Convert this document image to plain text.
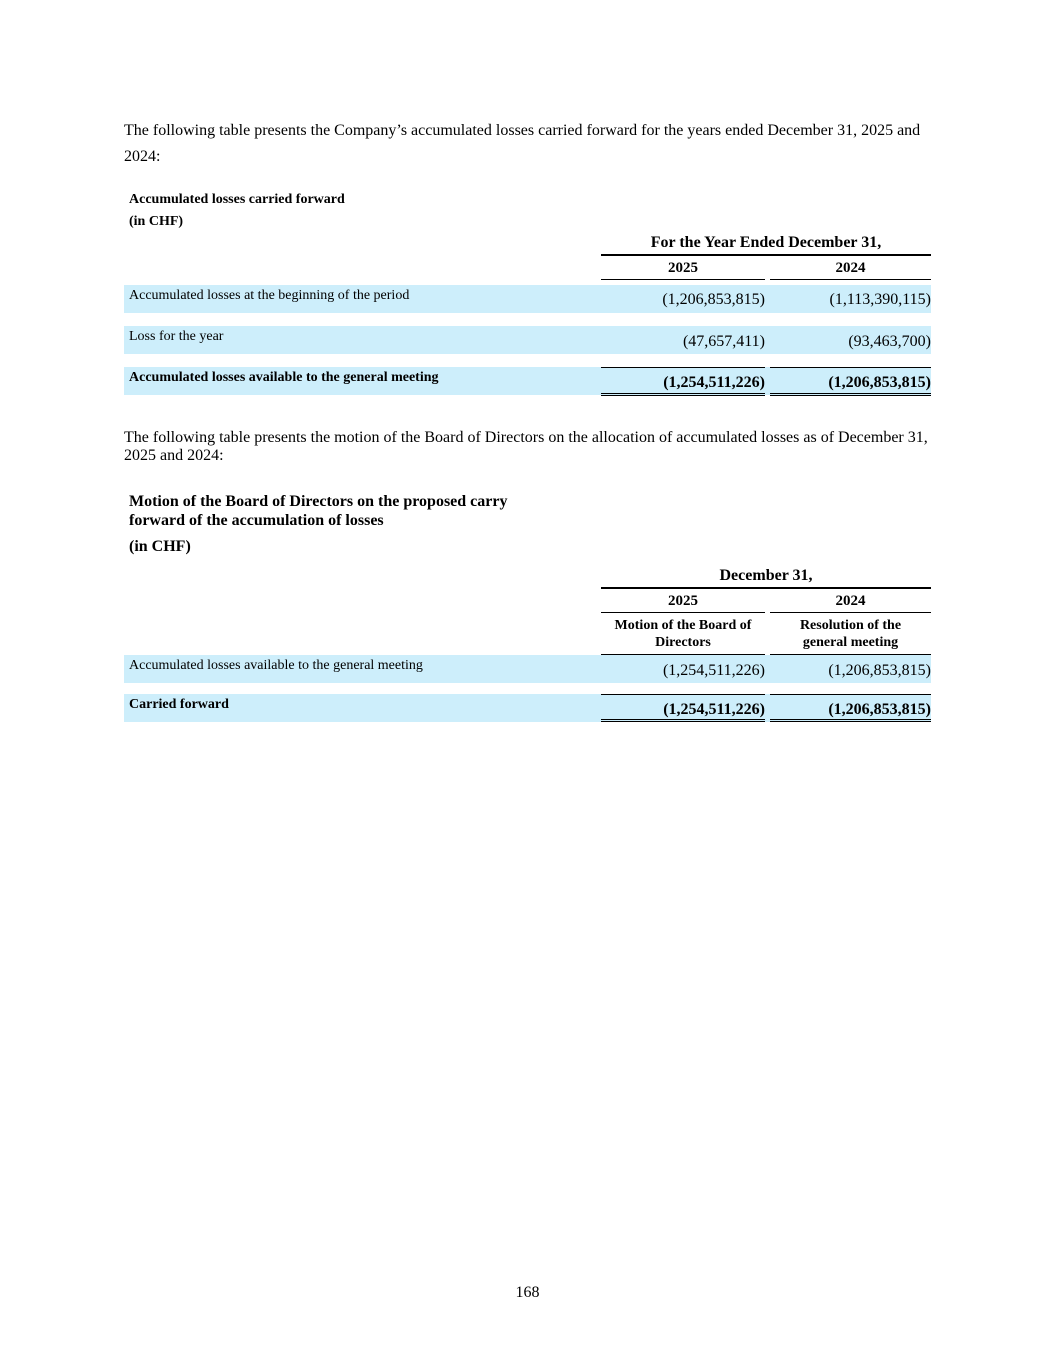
The following table presents the Company’s accumulated losses carried forward for the years ended December 31, 2025 and 2024:
Accumulated losses carried forward
(in CHF)
For the Year Ended December 31,
2025	2024
Accumulated losses at the beginning of the period	(1,206,853,815)	(1,113,390,115)
Loss for the year	(47,657,411)	(93,463,700)
Accumulated losses available to the general meeting	(1,254,511,226)	(1,206,853,815)
The following table presents the motion of the Board of Directors on the allocation of accumulated losses as of December 31, 2025 and 2024:
Motion of the Board of Directors on the proposed carry
forward of the accumulation of losses
(in CHF)
December 31,
2025	2024
Motion of the Board of
Directors
Resolution of the
general meeting
Accumulated losses available to the general meeting	(1,254,511,226)	(1,206,853,815)
Carried forward	(1,254,511,226)	(1,206,853,815)
168
